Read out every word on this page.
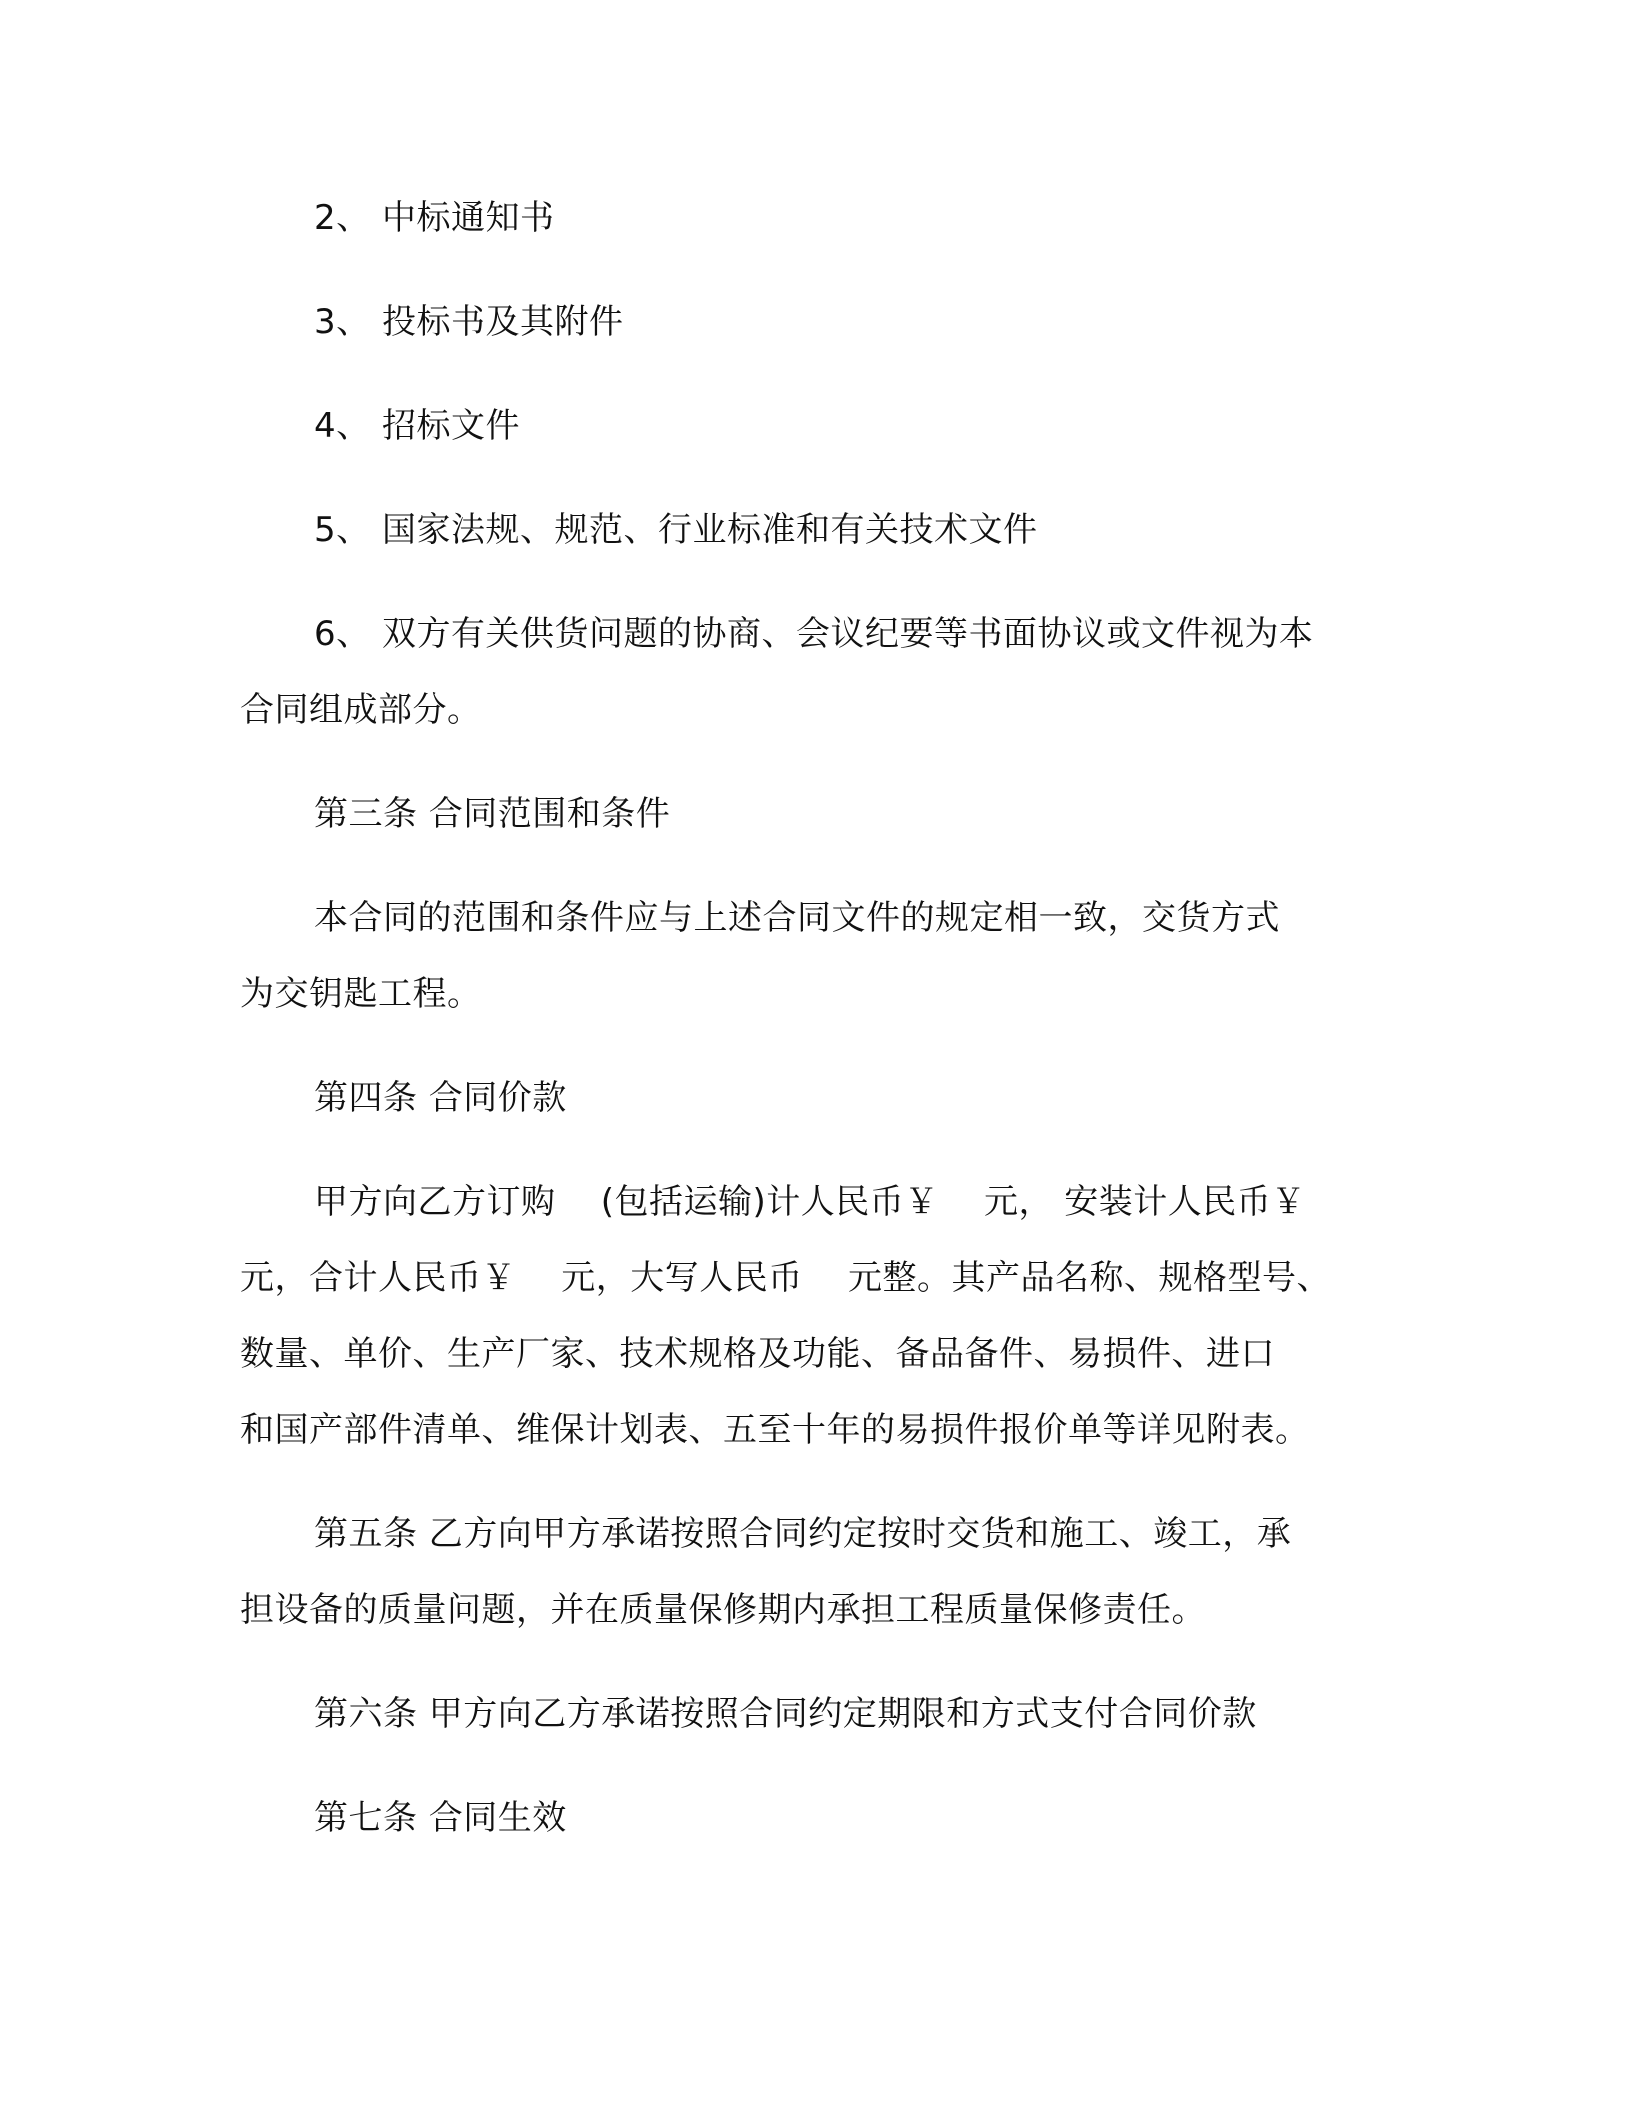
2、 中标通知书
3、 投标书及其附件
4、 招标文件
5、 国家法规、规范、行业标准和有关技术文件
6、 双方有关供货问题的协商、会议纪要等书面协议或文件视为本
合同组成部分。
第三条 合同范围和条件
本合同的范围和条件应与上述合同文件的规定相一致，交货方式
为交钥匙工程。
第四条 合同价款
甲方向乙方订购    (包括运输)计人民币￥    元， 安装计人民币￥
元，合计人民币￥    元，大写人民币    元整。其产品名称、规格型号、
数量、单价、生产厂家、技术规格及功能、备品备件、易损件、进口
和国产部件清单、维保计划表、五至十年的易损件报价单等详见附表。
第五条 乙方向甲方承诺按照合同约定按时交货和施工、竣工，承
担设备的质量问题，并在质量保修期内承担工程质量保修责任。
第六条 甲方向乙方承诺按照合同约定期限和方式支付合同价款
第七条 合同生效
